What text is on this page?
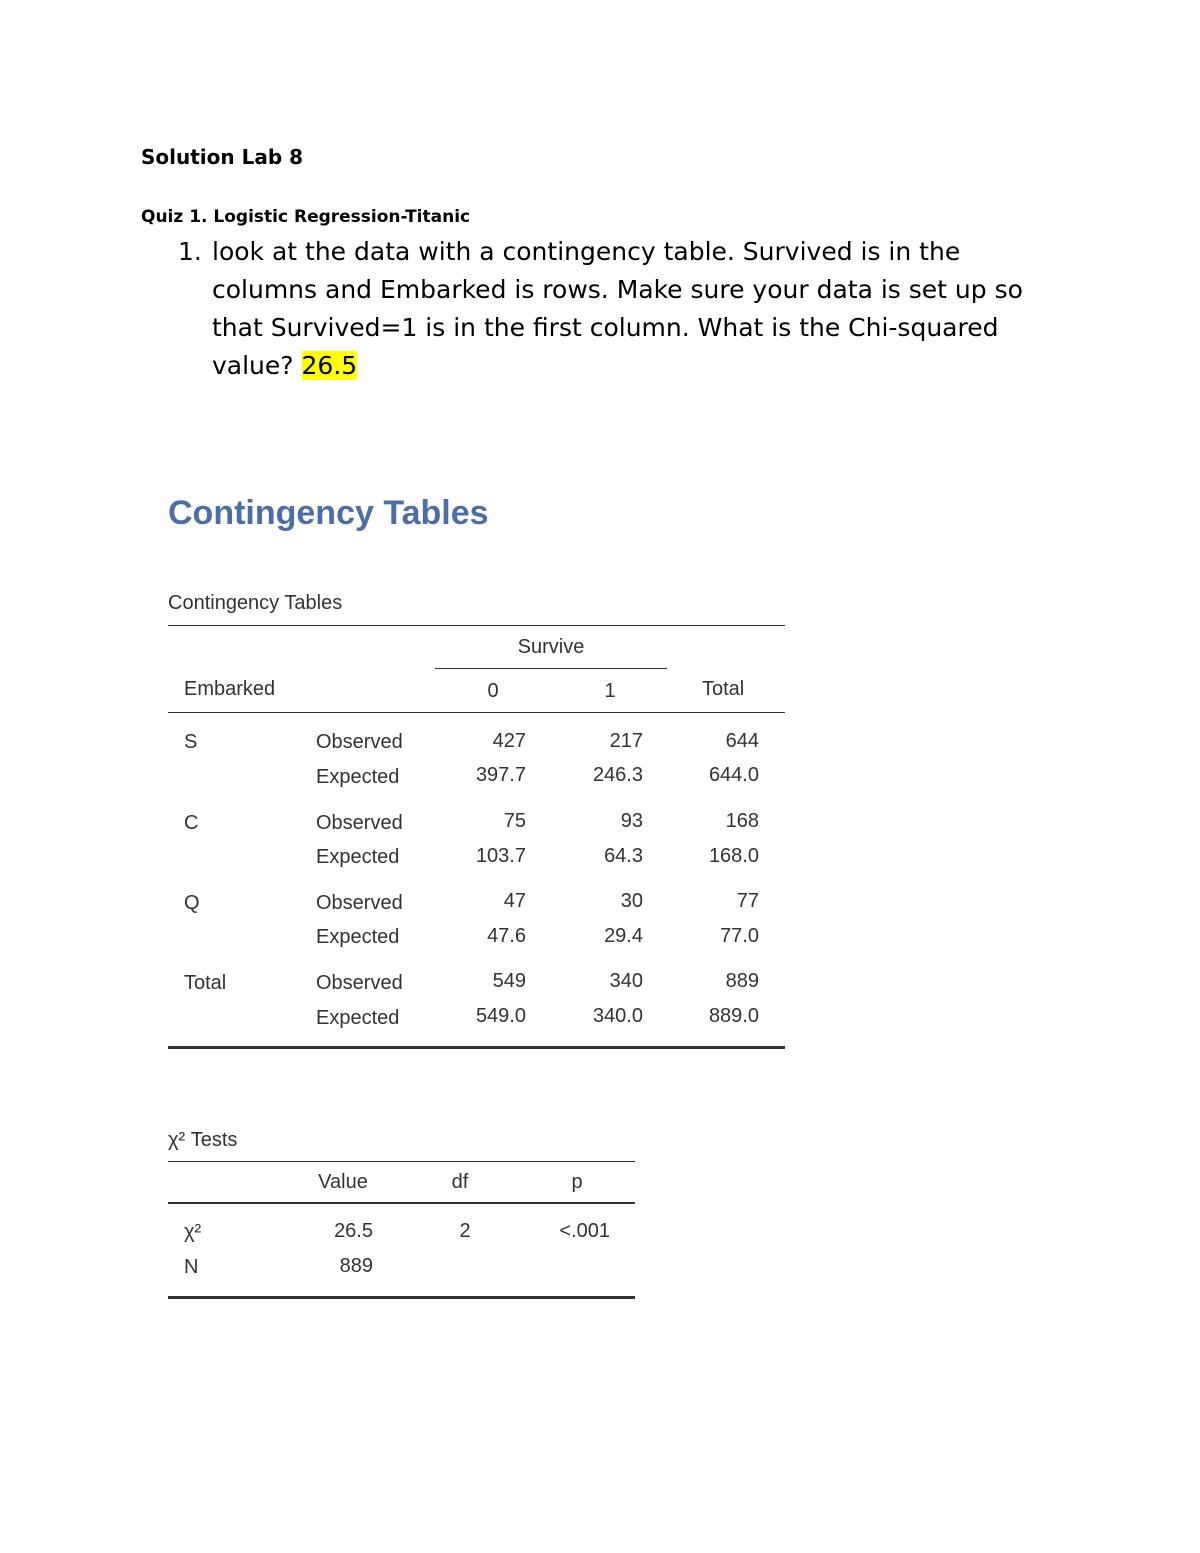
Solution Lab 8
Quiz 1. Logistic Regression-Titanic
1. look at the data with a contingency table. Survived is in the columns and Embarked is rows. Make sure your data is set up so that Survived=1 is in the first column. What is the Chi-squared value? 26.5
Contingency Tables
Contingency Tables
Survive
Embarked	0	1	Total
S	Observed	427	217	644
Expected	397.7	246.3	644.0
C	Observed	75	93	168
Expected	103.7	64.3	168.0
Q	Observed	47	30	77
Expected	47.6	29.4	77.0
Total	Observed	549	340	889
Expected	549.0	340.0	889.0
χ² Tests
Value	df	p
χ²	26.5	2	<.001
N	889
